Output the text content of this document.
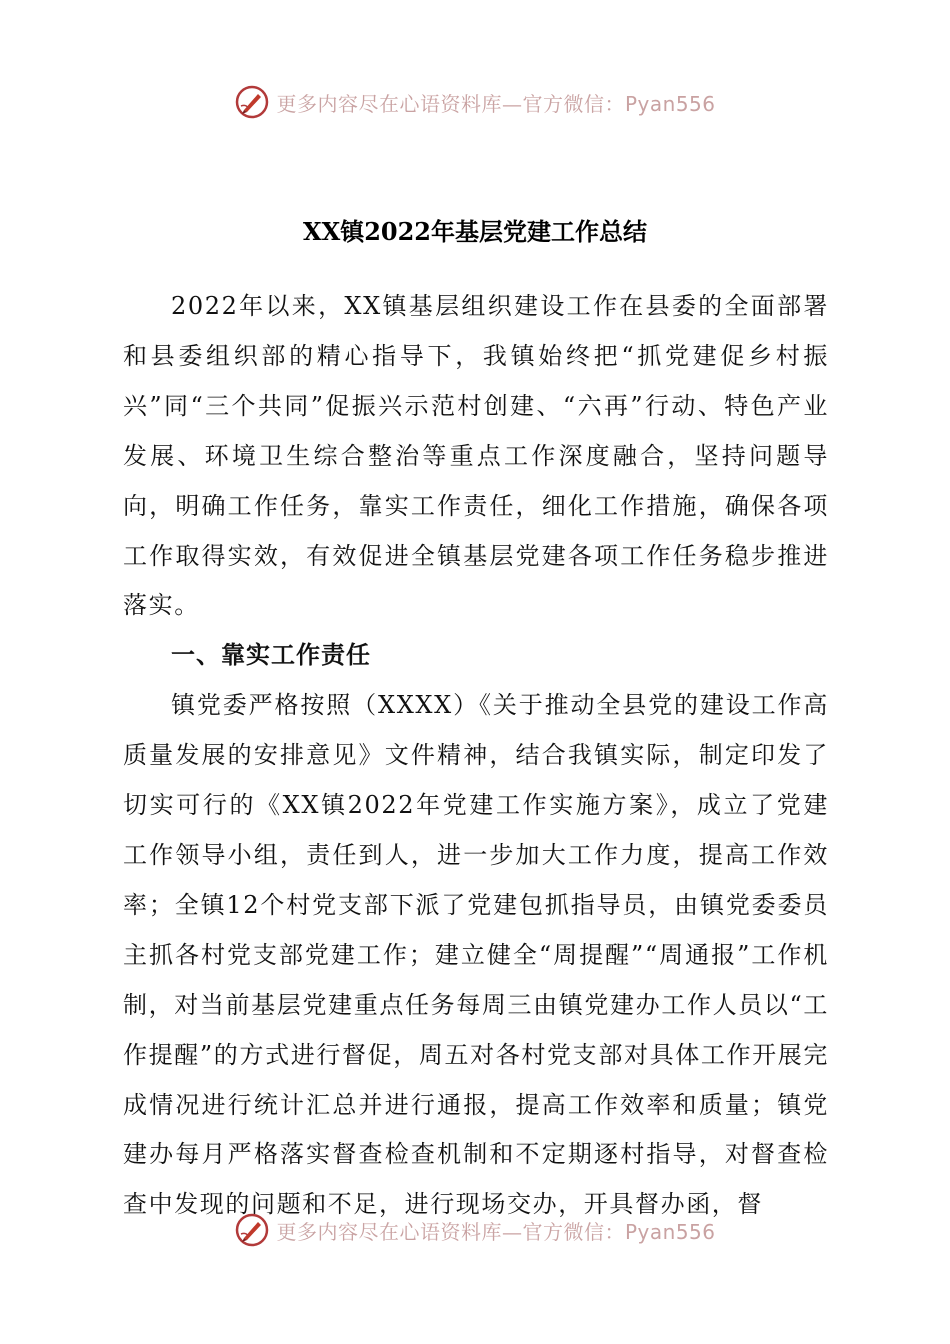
更多内容尽在心语资料库—官方微信：Pyan556
XX镇2022年基层党建工作总结

2022年以来，XX镇基层组织建设工作在县委的全面部署和县委组织部的精心指导下，我镇始终把“抓党建促乡村振兴”同“三个共同”促振兴示范村创建、“六再”行动、特色产业发展、环境卫生综合整治等重点工作深度融合，坚持问题导向，明确工作任务，靠实工作责任，细化工作措施，确保各项工作取得实效，有效促进全镇基层党建各项工作任务稳步推进落实。

一、靠实工作责任

镇党委严格按照（XXXX）《关于推动全县党的建设工作高质量发展的安排意见》文件精神，结合我镇实际，制定印发了切实可行的《XX镇2022年党建工作实施方案》，成立了党建工作领导小组，责任到人，进一步加大工作力度，提高工作效率；全镇12个村党支部下派了党建包抓指导员，由镇党委委员主抓各村党支部党建工作；建立健全“周提醒”“周通报”工作机制，对当前基层党建重点任务每周三由镇党建办工作人员以“工作提醒”的方式进行督促，周五对各村党支部对具体工作开展完成情况进行统计汇总并进行通报，提高工作效率和质量；镇党建办每月严格落实督查检查机制和不定期逐村指导，对督查检查中发现的问题和不足，进行现场交办，开具督办函，督

更多内容尽在心语资料库—官方微信：Pyan556
